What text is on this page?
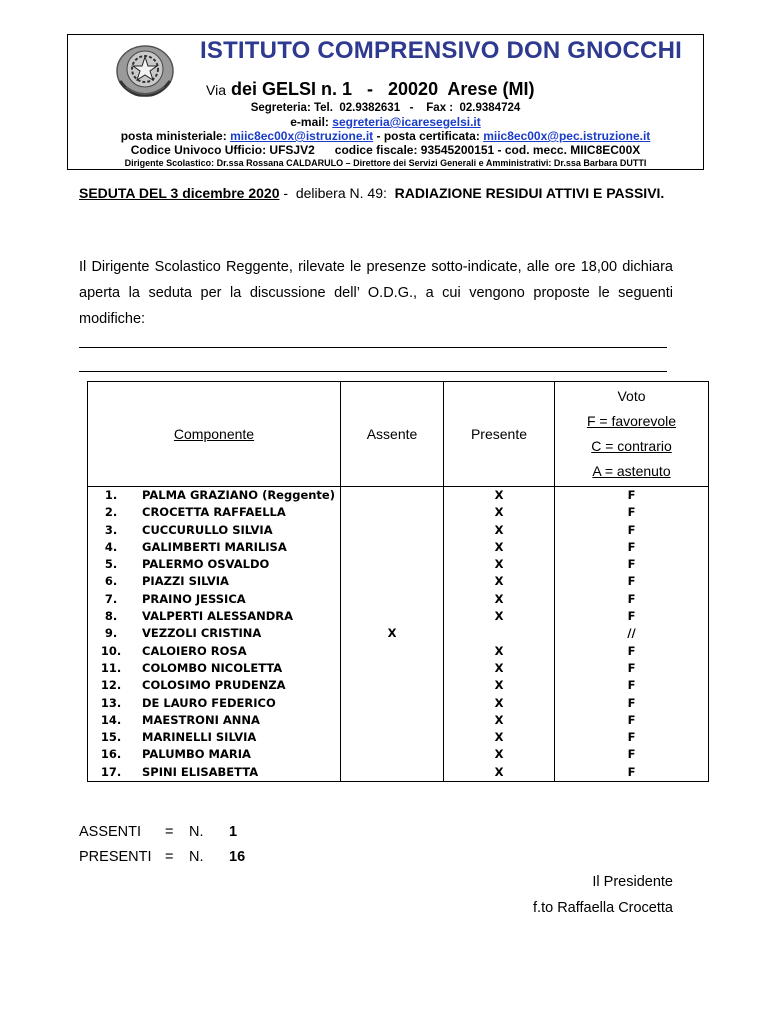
ISTITUTO COMPRENSIVO DON GNOCCHI
Via dei GELSI n. 1   -   20020  Arese (MI)
Segreteria: Tel.  02.9382631   -    Fax :  02.9384724
e-mail: segreteria@icaresegelsi.it
posta ministeriale: miic8ec00x@istruzione.it - posta certificata: miic8ec00x@pec.istruzione.it
Codice Univoco Ufficio: UFSJV2      codice fiscale: 93545200151 - cod. mecc. MIIC8EC00X
Dirigente Scolastico: Dr.ssa Rossana CALDARULO – Direttore dei Servizi Generali e Amministrativi: Dr.ssa Barbara DUTTI
SEDUTA DEL 3 dicembre 2020 -  delibera N. 49:  RADIAZIONE RESIDUI ATTIVI E PASSIVI.
Il Dirigente Scolastico Reggente, rilevate le presenze sotto-indicate, alle ore 18,00 dichiara aperta la seduta per la discussione dell’ O.D.G., a cui vengono proposte le seguenti modifiche:
Componente		Assente	Presente	Voto
F = favorevole
C = contrario
A = astenuto

1.	PALMA GRAZIANO (Reggente)		X	F
2.	CROCETTA RAFFAELLA		X	F
3.	CUCCURULLO SILVIA		X	F
4.	GALIMBERTI MARILISA		X	F
5.	PALERMO OSVALDO		X	F
6.	PIAZZI SILVIA		X	F
7.	PRAINO JESSICA		X	F
8.	VALPERTI ALESSANDRA		X	F
9.	VEZZOLI CRISTINA	X		//
10.	CALOIERO ROSA		X	F
11.	COLOMBO NICOLETTA		X	F
12.	COLOSIMO PRUDENZA		X	F
13.	DE LAURO FEDERICO		X	F
14.	MAESTRONI ANNA		X	F
15.	MARINELLI SILVIA		X	F
16.	PALUMBO MARIA		X	F
17.	SPINI ELISABETTA		X	F
ASSENTI = N. 1
PRESENTI = N. 16
Il Presidente
f.to Raffaella Crocetta
